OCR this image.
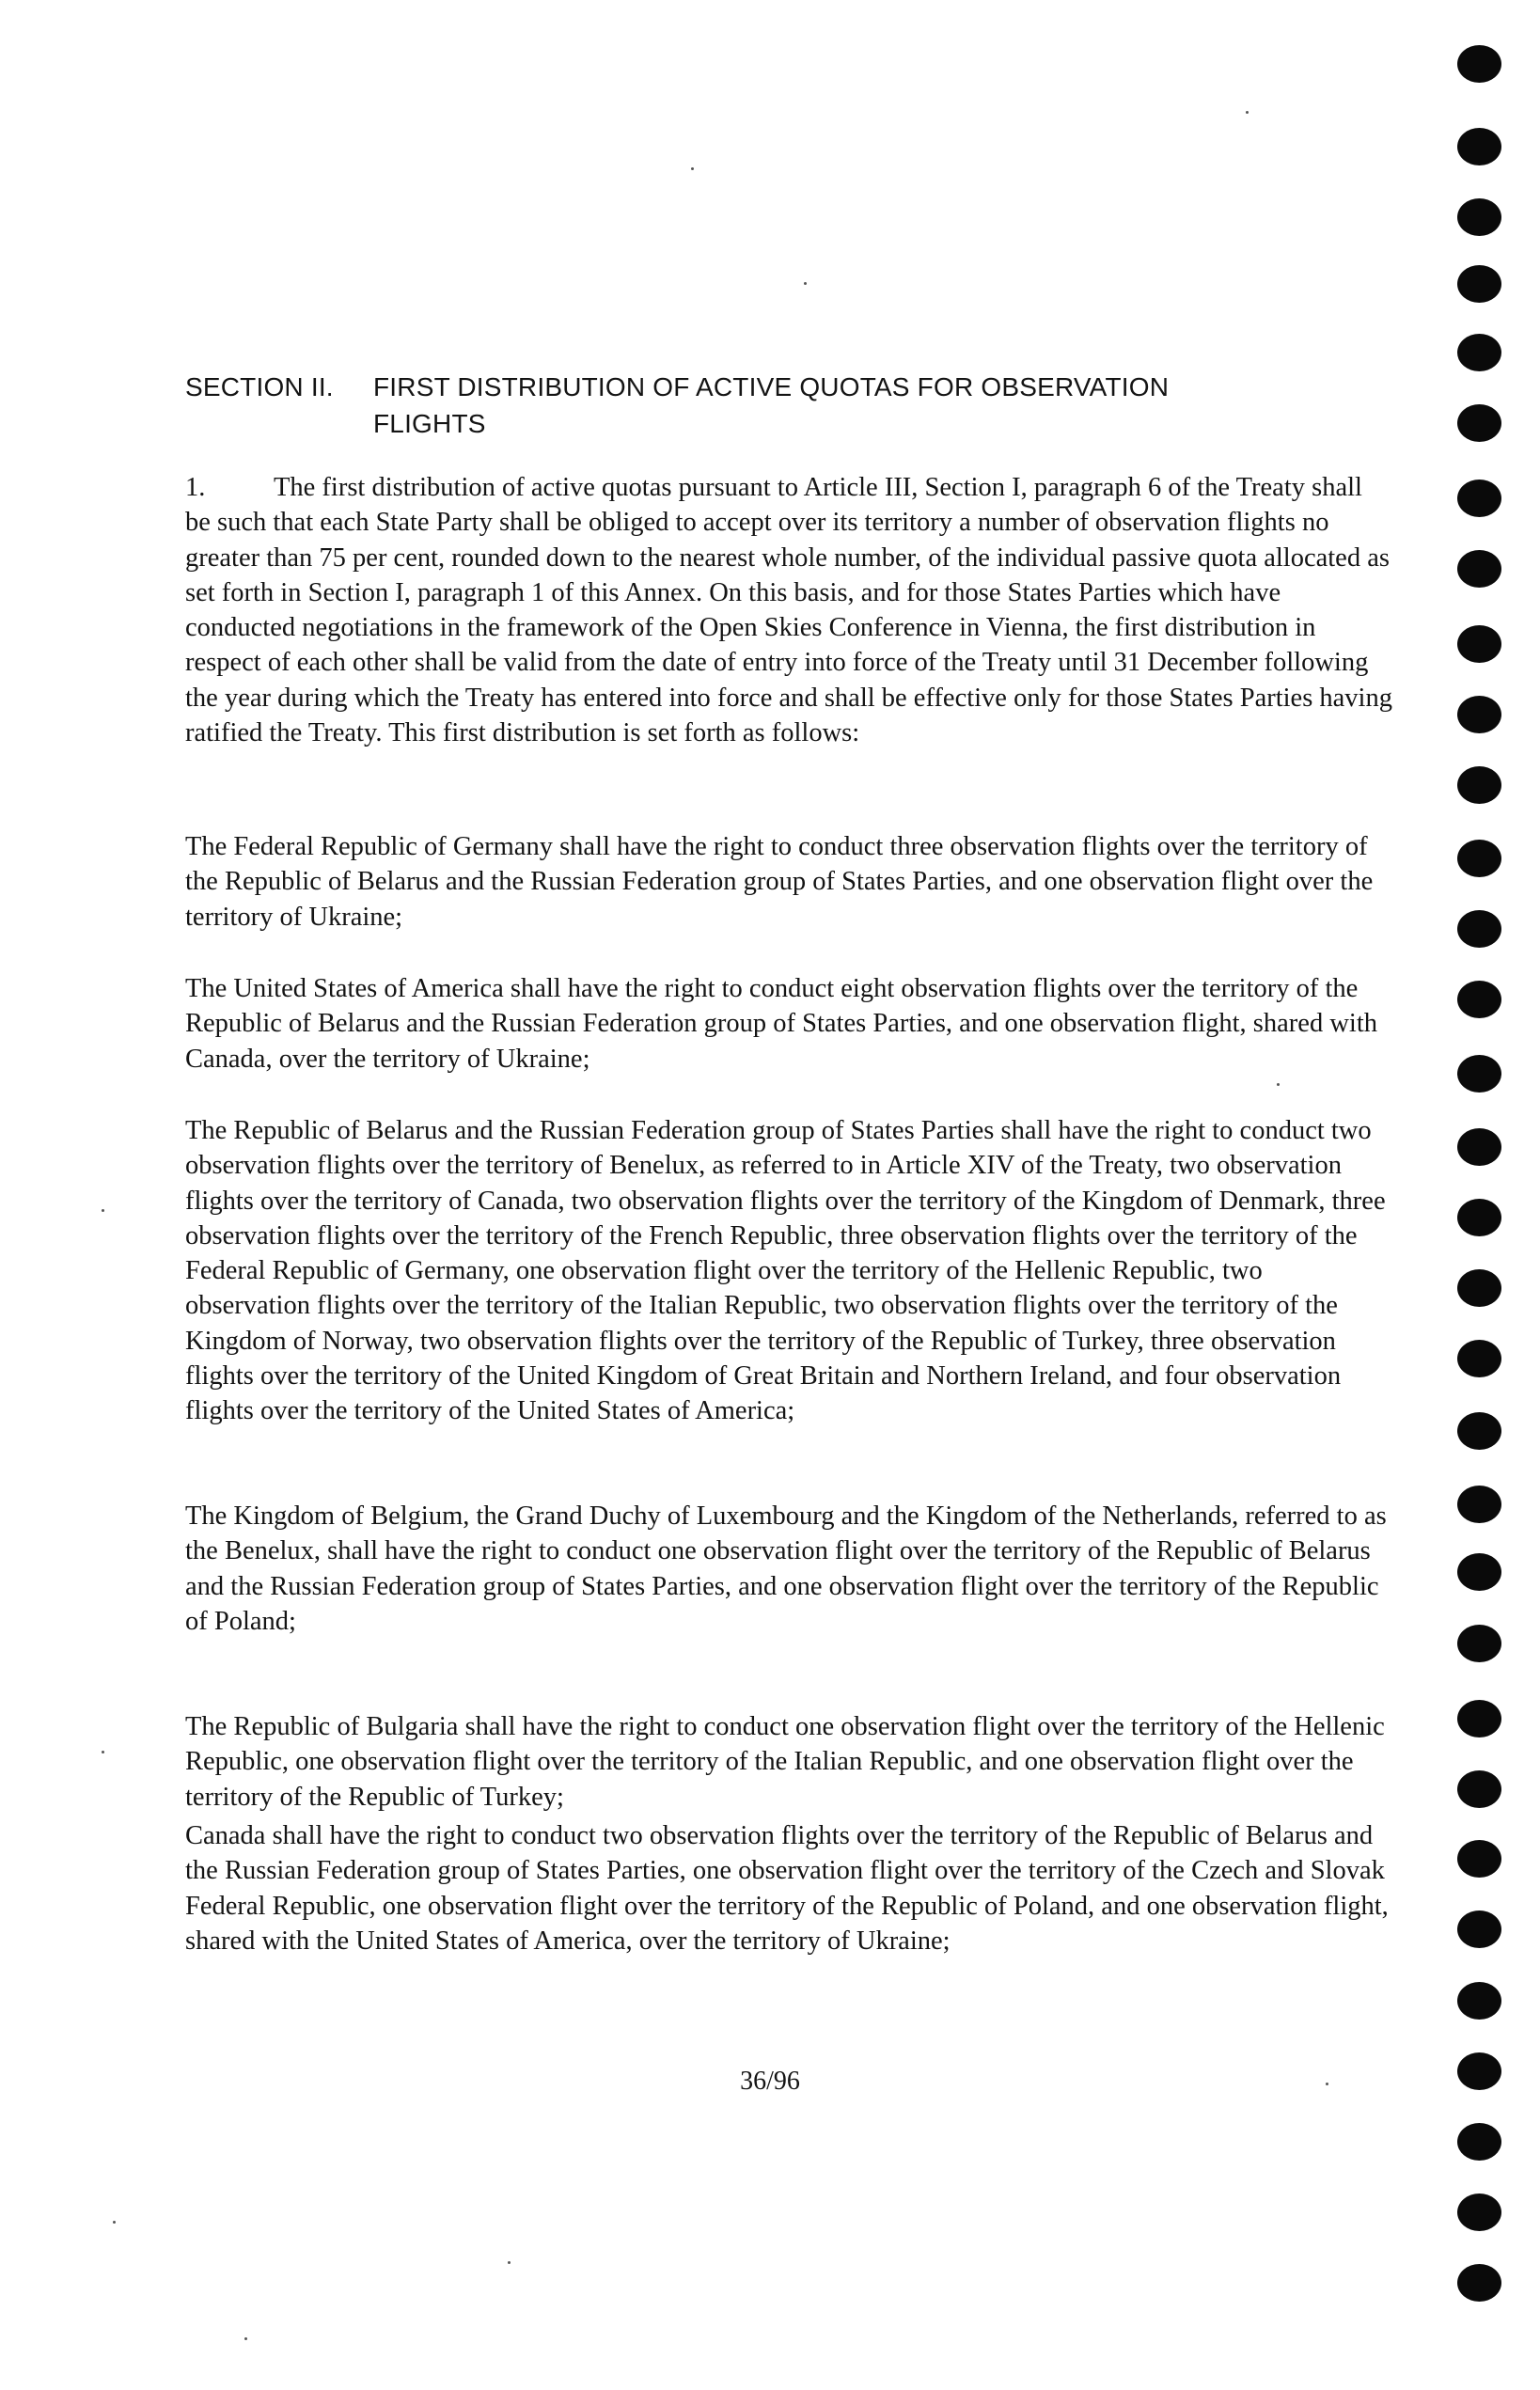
SECTION II. FIRST DISTRIBUTION OF ACTIVE QUOTAS FOR OBSERVATION
FLIGHTS
1.	The first distribution of active quotas pursuant to Article III, Section I, paragraph 6 of the Treaty shall be such that each State Party shall be obliged to accept over its territory a number of observation flights no greater than 75 per cent, rounded down to the nearest whole number, of the individual passive quota allocated as set forth in Section I, paragraph 1 of this Annex. On this basis, and for those States Parties which have conducted negotiations in the framework of the Open Skies Conference in Vienna, the first distribution in respect of each other shall be valid from the date of entry into force of the Treaty until 31 December following the year during which the Treaty has entered into force and shall be effective only for those States Parties having ratified the Treaty. This first distribution is set forth as follows:
The Federal Republic of Germany shall have the right to conduct three observation flights over the territory of the Republic of Belarus and the Russian Federation group of States Parties, and one observation flight over the territory of Ukraine;
The United States of America shall have the right to conduct eight observation flights over the territory of the Republic of Belarus and the Russian Federation group of States Parties, and one observation flight, shared with Canada, over the territory of Ukraine;
The Republic of Belarus and the Russian Federation group of States Parties shall have the right to conduct two observation flights over the territory of Benelux, as referred to in Article XIV of the Treaty, two observation flights over the territory of Canada, two observation flights over the territory of the Kingdom of Denmark, three observation flights over the territory of the French Republic, three observation flights over the territory of the Federal Republic of Germany, one observation flight over the territory of the Hellenic Republic, two observation flights over the territory of the Italian Republic, two observation flights over the territory of the Kingdom of Norway, two observation flights over the territory of the Republic of Turkey, three observation flights over the territory of the United Kingdom of Great Britain and Northern Ireland, and four observation flights over the territory of the United States of America;
The Kingdom of Belgium, the Grand Duchy of Luxembourg and the Kingdom of the Netherlands, referred to as the Benelux, shall have the right to conduct one observation flight over the territory of the Republic of Belarus and the Russian Federation group of States Parties, and one observation flight over the territory of the Republic of Poland;
The Republic of Bulgaria shall have the right to conduct one observation flight over the territory of the Hellenic Republic, one observation flight over the territory of the Italian Republic, and one observation flight over the territory of the Republic of Turkey;
Canada shall have the right to conduct two observation flights over the territory of the Republic of Belarus and the Russian Federation group of States Parties, one observation flight over the territory of the Czech and Slovak Federal Republic, one observation flight over the territory of the Republic of Poland, and one observation flight, shared with the United States of America, over the territory of Ukraine;
36/96
